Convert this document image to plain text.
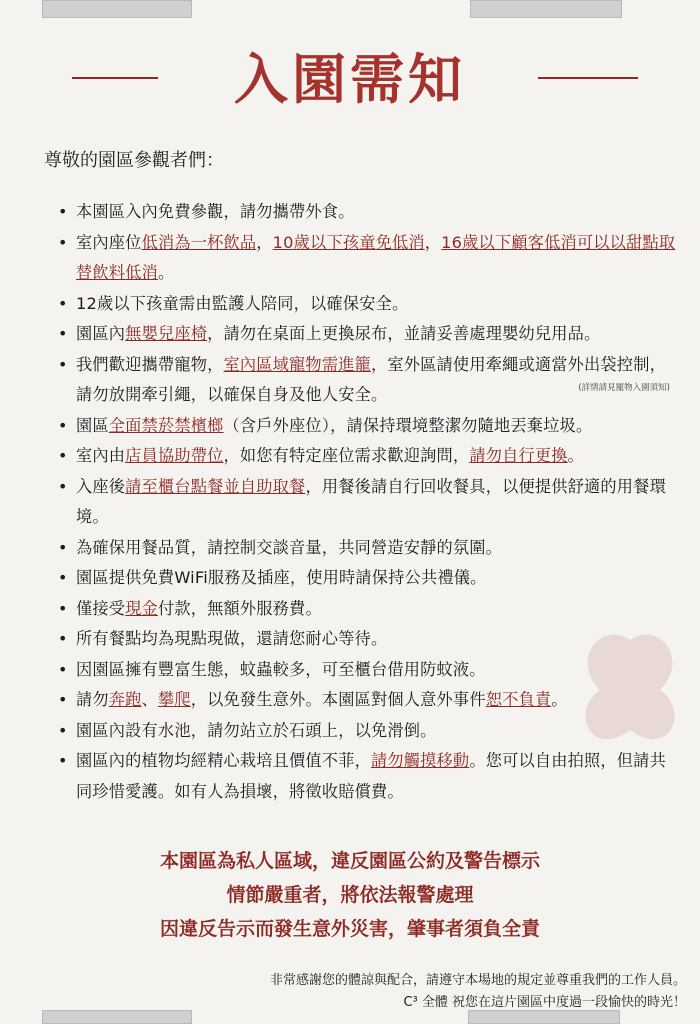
入園需知
尊敬的園區參觀者們：
• 本園區入內免費參觀，請勿攜帶外食。
• 室內座位低消為一杯飲品，10歲以下孩童免低消，16歲以下顧客低消可以以甜點取替飲料低消。
• 12歲以下孩童需由監護人陪同，以確保安全。
• 園區內無嬰兒座椅，請勿在桌面上更換尿布，並請妥善處理嬰幼兒用品。
• 我們歡迎攜帶寵物，室內區域寵物需進籠，室外區請使用牽繩或適當外出袋控制，請勿放開牽引繩，以確保自身及他人安全。
• 園區全面禁菸禁檳榔（含戶外座位），請保持環境整潔勿隨地丟棄垃圾。
• 室內由店員協助帶位，如您有特定座位需求歡迎詢問，請勿自行更換。
• 入座後請至櫃台點餐並自助取餐，用餐後請自行回收餐具，以便提供舒適的用餐環境。
• 為確保用餐品質，請控制交談音量，共同營造安靜的氛圍。
• 園區提供免費WiFi服務及插座，使用時請保持公共禮儀。
• 僅接受現金付款，無額外服務費。
• 所有餐點均為現點現做，還請您耐心等待。
• 因園區擁有豐富生態，蚊蟲較多，可至櫃台借用防蚊液。
• 請勿奔跑、攀爬，以免發生意外。本園區對個人意外事件恕不負責。
• 園區內設有水池，請勿站立於石頭上，以免滑倒。
• 園區內的植物均經精心栽培且價值不菲，請勿觸摸移動。您可以自由拍照，但請共同珍惜愛護。如有人為損壞，將徵收賠償費。
(詳情請見寵物入園須知)
本園區為私人區域，違反園區公約及警告標示
情節嚴重者，將依法報警處理
因違反告示而發生意外災害，肇事者須負全責
非常感謝您的體諒與配合，請遵守本場地的規定並尊重我們的工作人員。
C³ 全體 祝您在這片園區中度過一段愉快的時光！
